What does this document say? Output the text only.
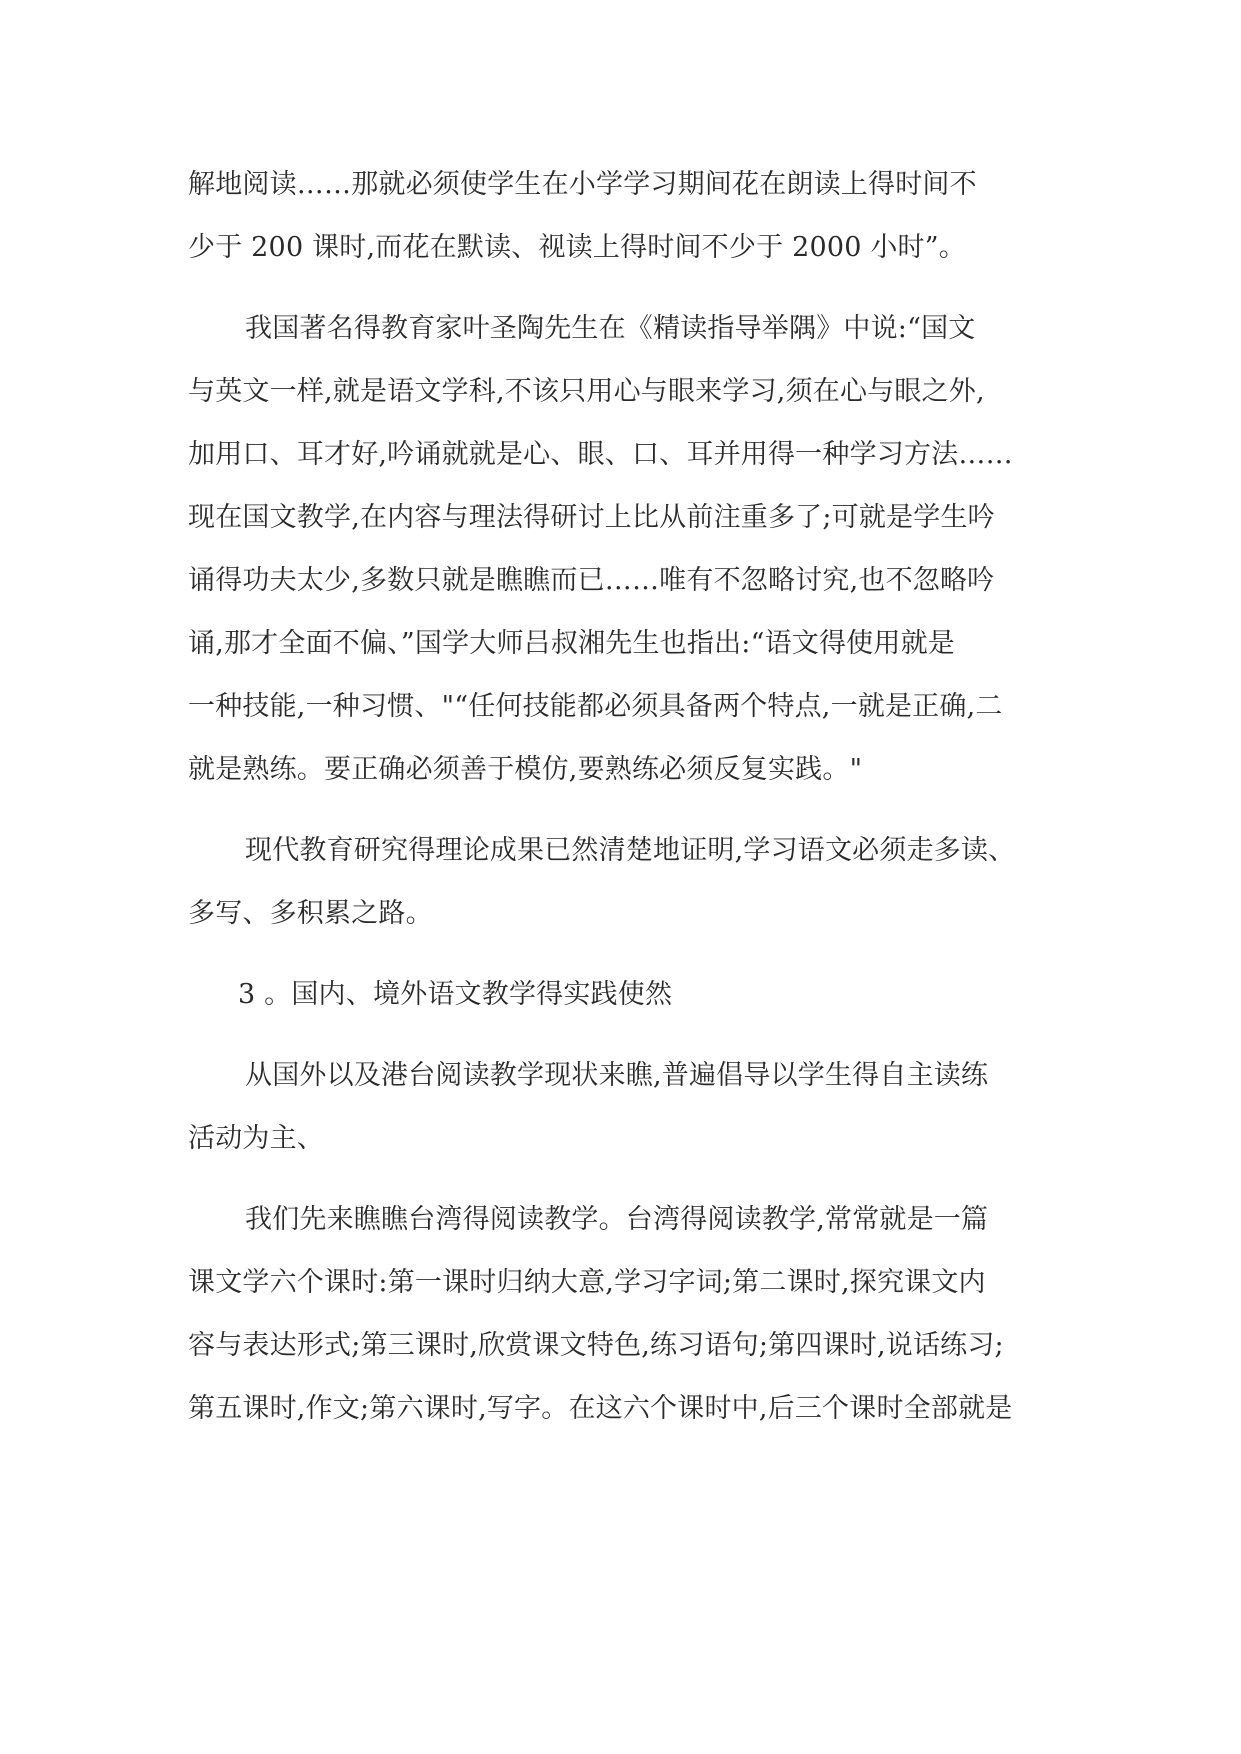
解地阅读……那就必须使学生在小学学习期间花在朗读上得时间不
少于 200 课时,而花在默读、视读上得时间不少于 2000 小时”。
我国著名得教育家叶圣陶先生在《精读指导举隅》中说:“国文
与英文一样,就是语文学科,不该只用心与眼来学习,须在心与眼之外,
加用口、耳才好,吟诵就就是心、眼、口、耳并用得一种学习方法……
现在国文教学,在内容与理法得研讨上比从前注重多了;可就是学生吟
诵得功夫太少,多数只就是瞧瞧而已……唯有不忽略讨究,也不忽略吟
诵,那才全面不偏、”国学大师吕叔湘先生也指出:“语文得使用就是
一种技能,一种习惯、"“任何技能都必须具备两个特点,一就是正确,二
就是熟练。要正确必须善于模仿,要熟练必须反复实践。"
现代教育研究得理论成果已然清楚地证明,学习语文必须走多读、
多写、多积累之路。
3 。国内、境外语文教学得实践使然
从国外以及港台阅读教学现状来瞧,普遍倡导以学生得自主读练
活动为主、
我们先来瞧瞧台湾得阅读教学。台湾得阅读教学,常常就是一篇
课文学六个课时:第一课时归纳大意,学习字词;第二课时,探究课文内
容与表达形式;第三课时,欣赏课文特色,练习语句;第四课时,说话练习;
第五课时,作文;第六课时,写字。在这六个课时中,后三个课时全部就是
